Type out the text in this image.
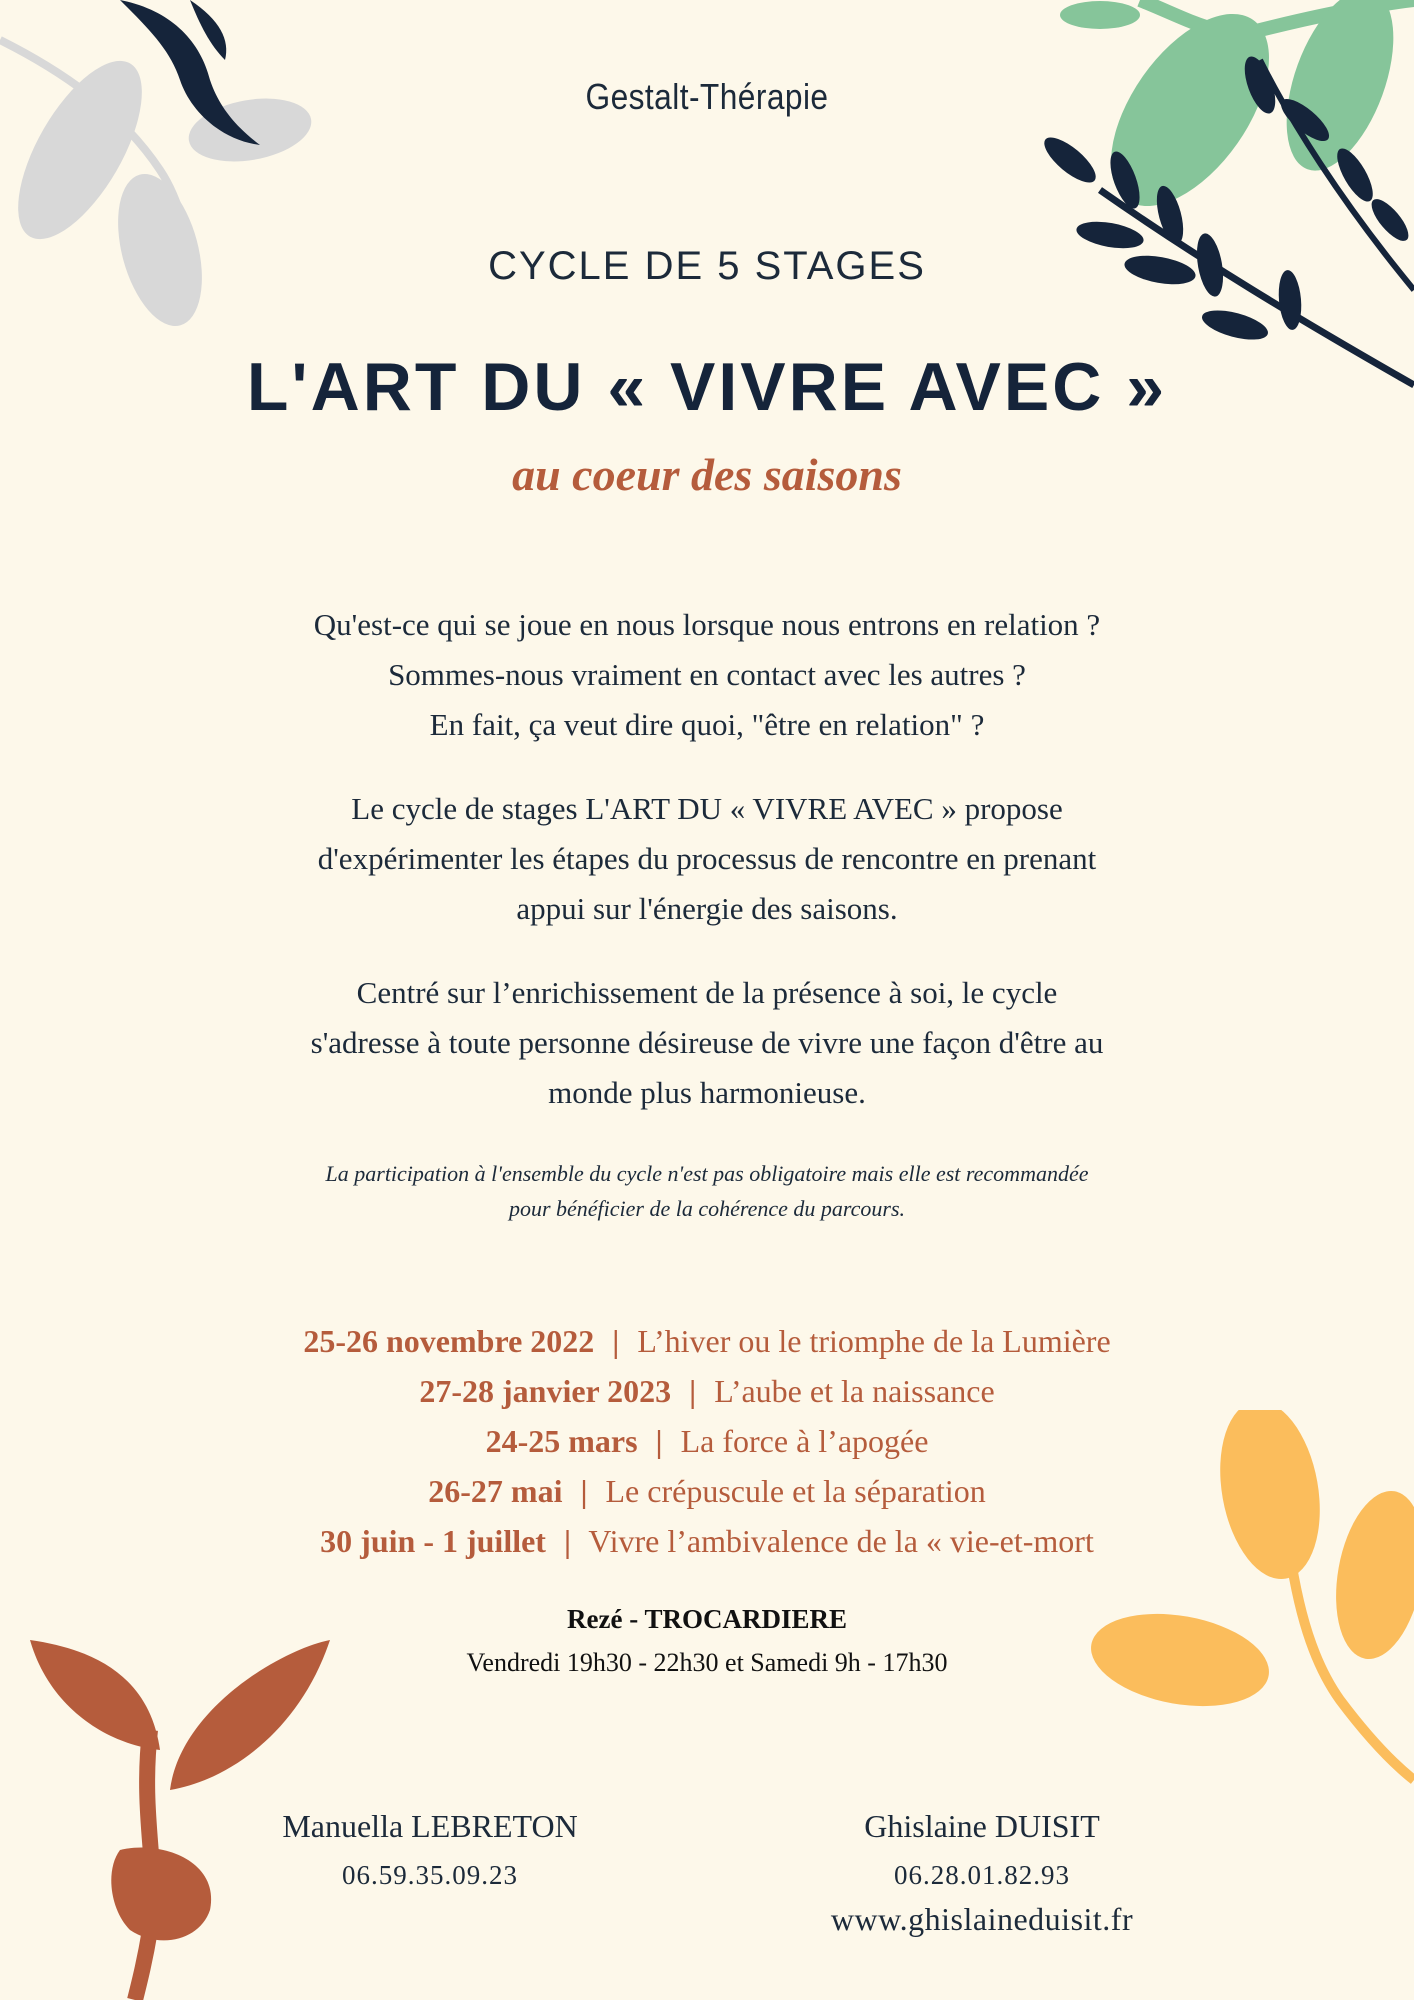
Gestalt-Thérapie
CYCLE DE 5 STAGES
L'ART DU « VIVRE AVEC »
au coeur des saisons
Qu'est-ce qui se joue en nous lorsque nous entrons en relation ?
Sommes-nous vraiment en contact avec les autres ?
En fait, ça veut dire quoi, "être en relation" ?
Le cycle de stages L'ART DU « VIVRE AVEC » propose
d'expérimenter les étapes du processus de rencontre en prenant
appui sur l'énergie des saisons.
Centré sur l’enrichissement de la présence à soi, le cycle
s'adresse à toute personne désireuse de vivre une façon d'être au
monde plus harmonieuse.
La participation à l'ensemble du cycle n'est pas obligatoire mais elle est recommandée
pour bénéficier de la cohérence du parcours.
25-26 novembre 2022 | L’hiver ou le triomphe de la Lumière
27-28 janvier 2023 | L’aube et la naissance
24-25 mars | La force à l’apogée
26-27 mai | Le crépuscule et la séparation
30 juin - 1 juillet | Vivre l’ambivalence de la « vie-et-mort
Rezé - TROCARDIERE
Vendredi 19h30 - 22h30 et Samedi 9h - 17h30
Manuella LEBRETON
06.59.35.09.23
Ghislaine DUISIT
06.28.01.82.93
www.ghislaineduisit.fr
